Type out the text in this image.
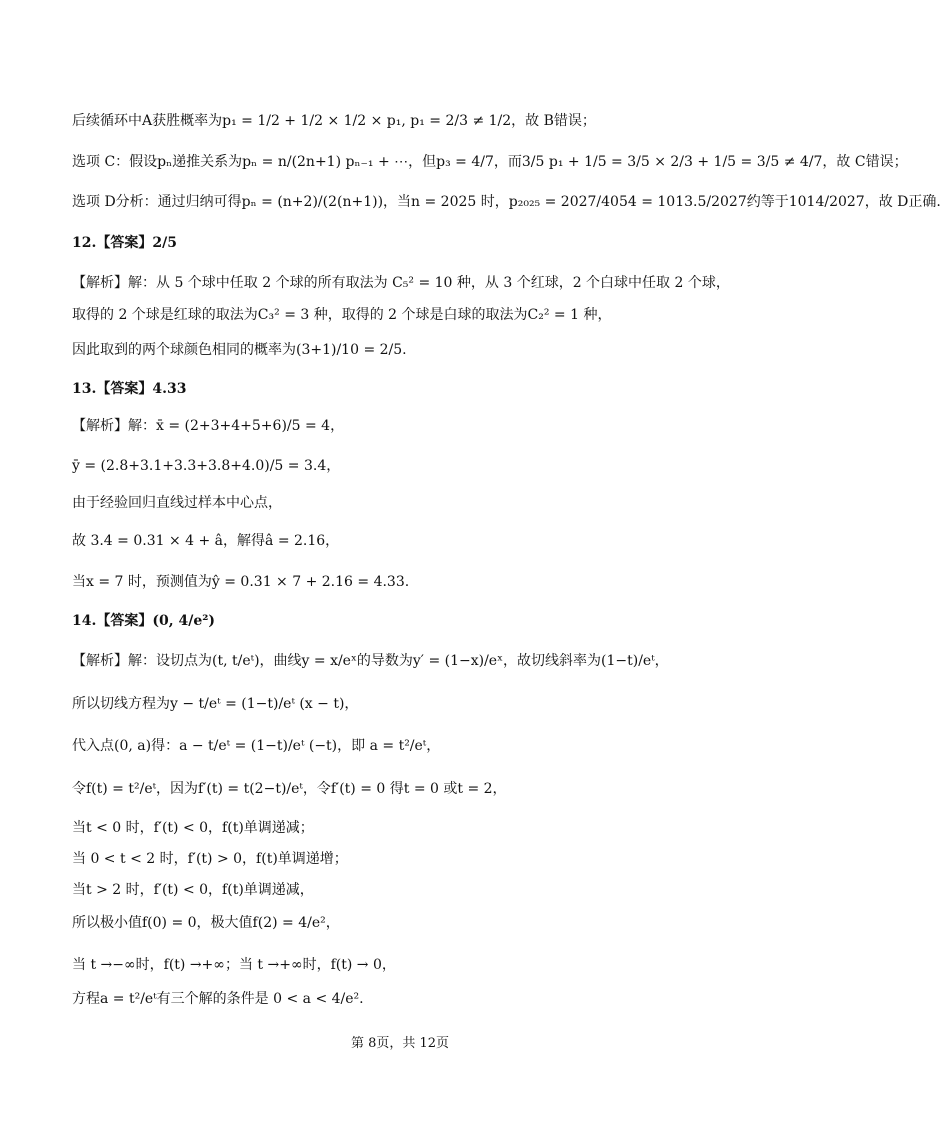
后续循环中A获胜概率为p₁ = 1/2 + 1/2 × 1/2 × p₁, p₁ = 2/3 ≠ 1/2，故 B错误；
选项 C：假设pₙ递推关系为pₙ = n/(2n+1) pₙ₋₁ + ⋯，但p₃ = 4/7，而3/5 p₁ + 1/5 = 3/5 × 2/3 + 1/5 = 3/5 ≠ 4/7，故 C错误；
选项 D分析：通过归纳可得pₙ = (n+2)/(2(n+1))，当n = 2025 时，p₂₀₂₅ = 2027/4054 = 1013.5/2027约等于1014/2027，故 D正确.
12.【答案】2/5
【解析】解：从 5 个球中任取 2 个球的所有取法为 C₅² = 10 种，从 3 个红球，2 个白球中任取 2 个球，
取得的 2 个球是红球的取法为C₃² = 3 种，取得的 2 个球是白球的取法为C₂² = 1 种，
因此取到的两个球颜色相同的概率为(3+1)/10 = 2/5.
13.【答案】4.33
【解析】解：x̄ = (2+3+4+5+6)/5 = 4，
ȳ = (2.8+3.1+3.3+3.8+4.0)/5 = 3.4，
由于经验回归直线过样本中心点，
故 3.4 = 0.31 × 4 + â，解得â = 2.16，
当x = 7 时，预测值为ŷ = 0.31 × 7 + 2.16 = 4.33.
14.【答案】(0, 4/e²)
【解析】解：设切点为(t, t/eᵗ)，曲线y = x/eˣ的导数为y′ = (1−x)/eˣ，故切线斜率为(1−t)/eᵗ，
所以切线方程为y − t/eᵗ = (1−t)/eᵗ (x − t)，
代入点(0, a)得：a − t/eᵗ = (1−t)/eᵗ (−t)，即 a = t²/eᵗ，
令f(t) = t²/eᵗ，因为f′(t) = t(2−t)/eᵗ，令f′(t) = 0 得t = 0 或t = 2，
当t < 0 时，f′(t) < 0，f(t)单调递减；
当 0 < t < 2 时，f′(t) > 0，f(t)单调递增；
当t > 2 时，f′(t) < 0，f(t)单调递减，
所以极小值f(0) = 0，极大值f(2) = 4/e²，
当 t →−∞时，f(t) →+∞；当 t →+∞时，f(t) → 0，
方程a = t²/eᵗ有三个解的条件是 0 < a < 4/e².
第 8页，共 12页
